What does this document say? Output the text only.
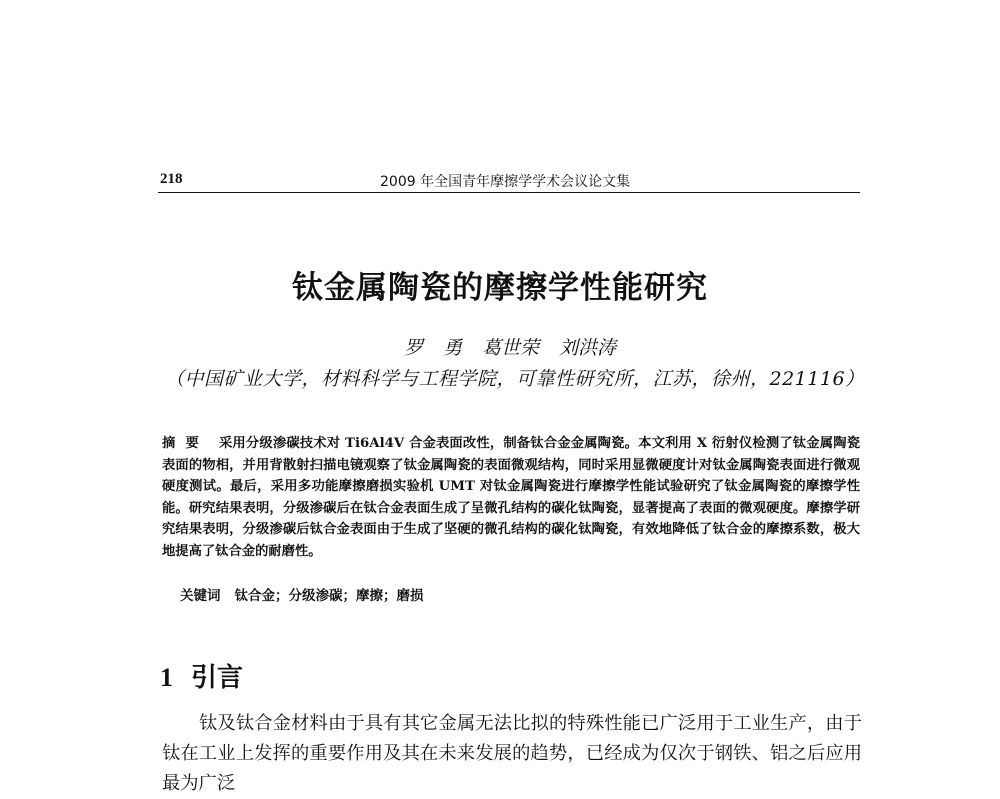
218	2009 年全国青年摩擦学学术会议论文集
钛金属陶瓷的摩擦学性能研究
罗 勇 葛世荣 刘洪涛
（中国矿业大学，材料科学与工程学院，可靠性研究所，江苏，徐州，221116）
摘要 采用分级渗碳技术对 Ti6Al4V 合金表面改性，制备钛合金金属陶瓷。本文利用 X 衍射仪检测了钛金属陶瓷表面的物相，并用背散射扫描电镜观察了钛金属陶瓷的表面微观结构，同时采用显微硬度计对钛金属陶瓷表面进行微观硬度测试。最后，采用多功能摩擦磨损实验机 UMT 对钛金属陶瓷进行摩擦学性能试验研究了钛金属陶瓷的摩擦学性能。研究结果表明，分级渗碳后在钛合金表面生成了呈微孔结构的碳化钛陶瓷，显著提高了表面的微观硬度。摩擦学研究结果表明，分级渗碳后钛合金表面由于生成了坚硬的微孔结构的碳化钛陶瓷，有效地降低了钛合金的摩擦系数，极大地提高了钛合金的耐磨性。
关键词 钛合金；分级渗碳；摩擦；磨损
1 引言
钛及钛合金材料由于具有其它金属无法比拟的特殊性能已广泛用于工业生产，由于钛在工业上发挥的重要作用及其在未来发展的趋势，已经成为仅次于钢铁、铝之后应用最为广泛
